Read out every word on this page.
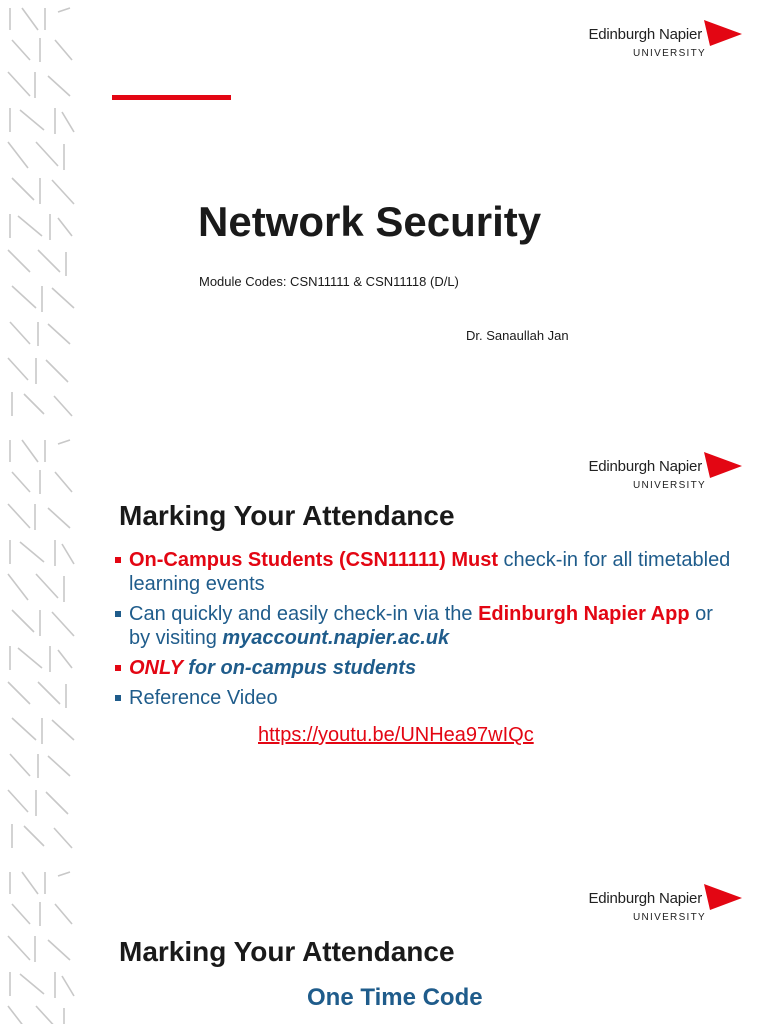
Edinburgh Napier
UNIVERSITY
Network Security
Module Codes: CSN11111 & CSN11118 (D/L)
Dr. Sanaullah Jan
Edinburgh Napier
UNIVERSITY
Marking Your Attendance
On-Campus Students (CSN11111) Must check-in for all timetabled learning events
Can quickly and easily check-in via the Edinburgh Napier App or by visiting myaccount.napier.ac.uk
ONLY for on-campus students
Reference Video
https://youtu.be/UNHea97wIQc
Edinburgh Napier
UNIVERSITY
Marking Your Attendance
One Time Code
